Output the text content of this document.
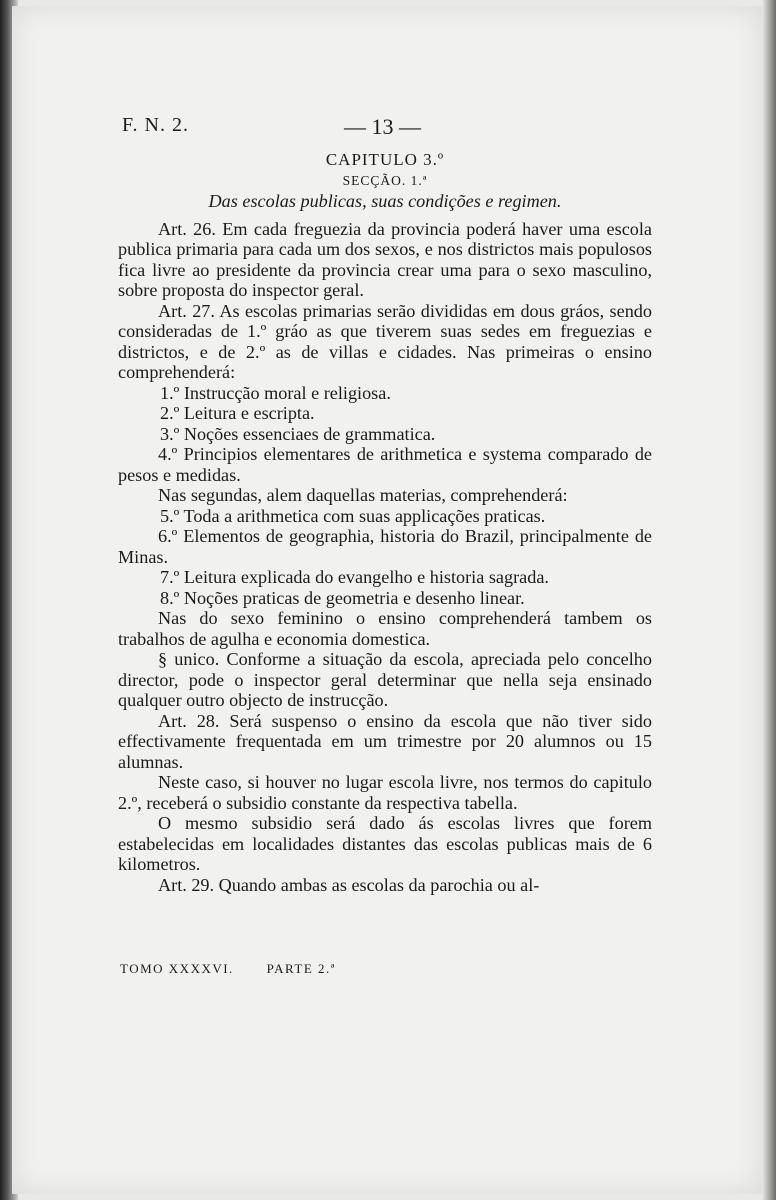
F. N. 2.	— 13 —
CAPITULO 3.º
SECÇÃO. 1.ª
Das escolas publicas, suas condições e regimen.

Art. 26. Em cada freguezia da provincia poderá haver uma escola publica primaria para cada um dos sexos, e nos districtos mais populosos fica livre ao presidente da provincia crear uma para o sexo masculino, sobre proposta do inspector geral.

Art. 27. As escolas primarias serão divididas em dous gráos, sendo consideradas de 1.º gráo as que tiverem suas sedes em freguezias e districtos, e de 2.º as de villas e cidades. Nas primeiras o ensino comprehenderá:

1.º Instrucção moral e religiosa.

2.º Leitura e escripta.

3.º Noções essenciaes de grammatica.

4.º Principios elementares de arithmetica e systema comparado de pesos e medidas.

Nas segundas, alem daquellas materias, comprehenderá:

5.º Toda a arithmetica com suas applicações praticas.

6.º Elementos de geographia, historia do Brazil, principalmente de Minas.

7.º Leitura explicada do evangelho e historia sagrada.

8.º Noções praticas de geometria e desenho linear.

Nas do sexo feminino o ensino comprehenderá tambem os trabalhos de agulha e economia domestica.

§ unico. Conforme a situação da escola, apreciada pelo concelho director, pode o inspector geral determinar que nella seja ensinado qualquer outro objecto de instrucção.

Art. 28. Será suspenso o ensino da escola que não tiver sido effectivamente frequentada em um trimestre por 20 alumnos ou 15 alumnas.

Neste caso, si houver no lugar escola livre, nos termos do capitulo 2.º, receberá o subsidio constante da respectiva tabella.

O mesmo subsidio será dado ás escolas livres que forem estabelecidas em localidades distantes das escolas publicas mais de 6 kilometros.

Art. 29. Quando ambas as escolas da parochia ou al-

TOMO XXXXVI.	PARTE 2.ª
